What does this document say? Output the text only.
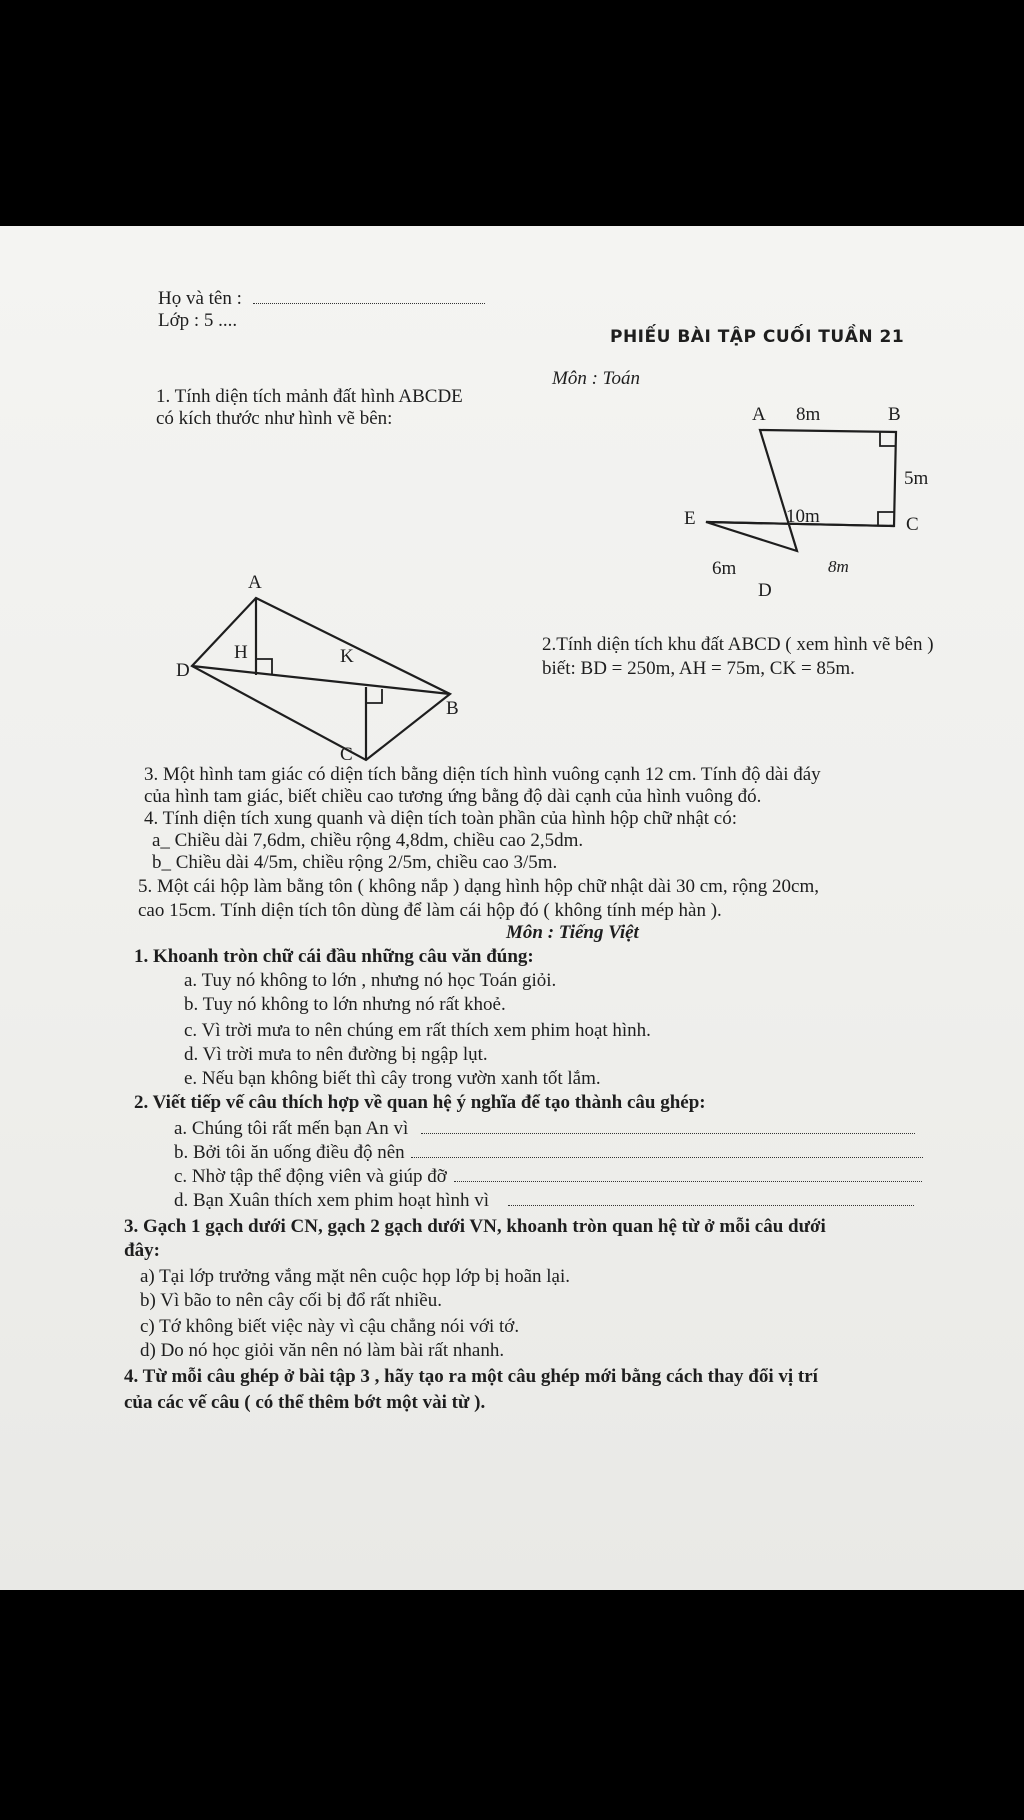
Họ và tên :
Lớp : 5 ....
PHIẾU BÀI TẬP CUỐI TUẦN 21
Môn : Toán
1. Tính diện tích mảnh đất hình ABCDE
có kích thước như hình vẽ bên:	A 8m	B
5m
E	10m	C
6m	8m
D
A
H	K
D
B
C
2.Tính diện tích khu đất ABCD ( xem hình vẽ bên )
biết: BD = 250m, AH = 75m, CK = 85m.
3. Một hình tam giác có diện tích bằng diện tích hình vuông cạnh 12 cm. Tính độ dài đáy
của hình tam giác, biết chiều cao tương ứng bằng độ dài cạnh của hình vuông đó.
4. Tính diện tích xung quanh và diện tích toàn phần của hình hộp chữ nhật có:
a_ Chiều dài 7,6dm, chiều rộng 4,8dm, chiều cao 2,5dm.
b_ Chiều dài 4/5m, chiều rộng 2/5m, chiều cao 3/5m.
5. Một cái hộp làm bằng tôn ( không nắp ) dạng hình hộp chữ nhật dài 30 cm, rộng 20cm,
cao 15cm. Tính diện tích tôn dùng để làm cái hộp đó ( không tính mép hàn ).
Môn : Tiếng Việt
1. Khoanh tròn chữ cái đầu những câu văn đúng:
a. Tuy nó không to lớn , nhưng nó học Toán giỏi.
b. Tuy nó không to lớn nhưng nó rất khoẻ.
c. Vì trời mưa to nên chúng em rất thích xem phim hoạt hình.
d. Vì trời mưa to nên đường bị ngập lụt.
e. Nếu bạn không biết thì cây trong vườn xanh tốt lắm.
2. Viết tiếp vế câu thích hợp về quan hệ ý nghĩa để tạo thành câu ghép:
a. Chúng tôi rất mến bạn An vì
b. Bởi tôi ăn uống điều độ nên
c. Nhờ tập thể động viên và giúp đỡ
d. Bạn Xuân thích xem phim hoạt hình vì
3. Gạch 1 gạch dưới CN, gạch 2 gạch dưới VN, khoanh tròn quan hệ từ ở mỗi câu dưới
đây:
a) Tại lớp trưởng vắng mặt nên cuộc họp lớp bị hoãn lại.
b) Vì bão to nên cây cối bị đổ rất nhiều.
c) Tớ không biết việc này vì cậu chẳng nói với tớ.
d) Do nó học giỏi văn nên nó làm bài rất nhanh.
4. Từ mỗi câu ghép ở bài tập 3 , hãy tạo ra một câu ghép mới bằng cách thay đổi vị trí
của các vế câu ( có thể thêm bớt một vài từ ).
